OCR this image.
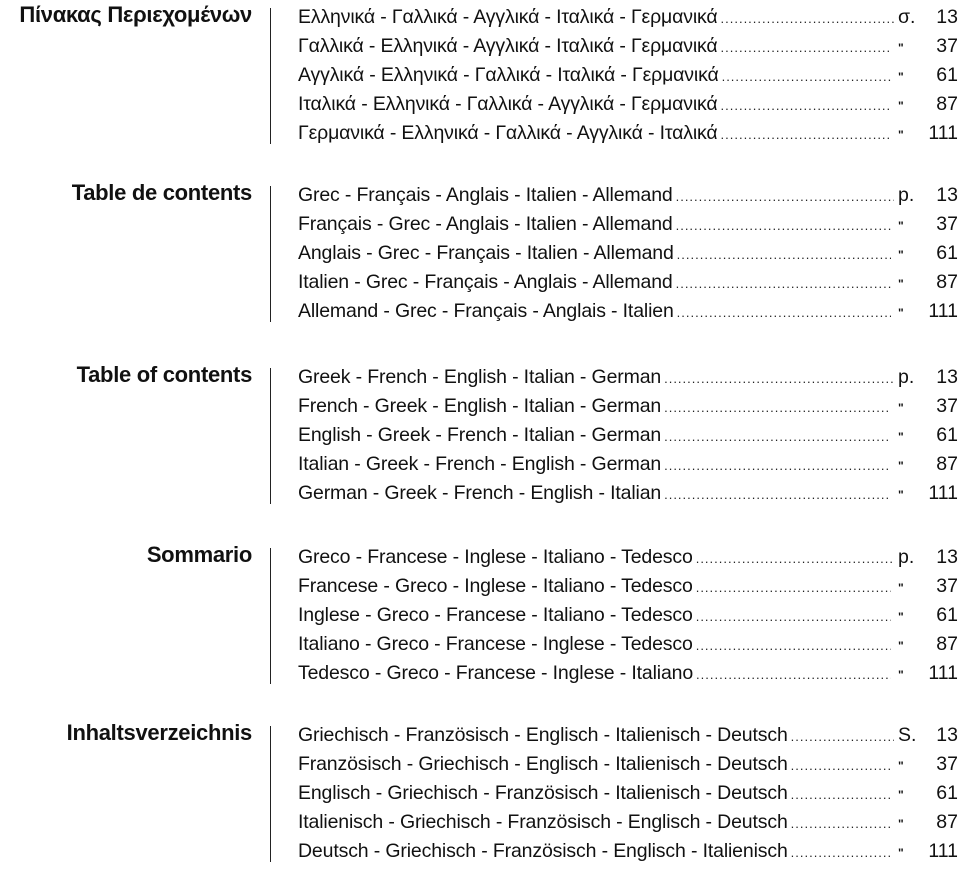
Πίνακας Περιεχομένων Ελληνικά - Γαλλικά - Αγγλικά - Ιταλικά - Γερμανικά .....	σ.	13
Γαλλικά - Ελληνικά - Αγγλικά - Ιταλικά - Γερμανικά .....	"	37
Αγγλικά - Ελληνικά - Γαλλικά - Ιταλικά - Γερμανικά .....	"	61
Ιταλικά - Ελληνικά - Γαλλικά - Αγγλικά - Γερμανικά .....	"	87
Γερμανικά - Ελληνικά - Γαλλικά - Αγγλικά - Ιταλικά .....	"	111
Table de contents Grec - Français - Anglais - Italien - Allemand .....	p.	13
Français - Grec - Anglais - Italien - Allemand .....	"	37
Anglais - Grec - Français - Italien - Allemand .....	"	61
Italien - Grec - Français - Anglais - Allemand .....	"	87
Allemand - Grec - Français - Anglais - Italien .....	"	111
Table of contents Greek - French - English - Italian - German .....	p.	13
French - Greek - English - Italian - German .....	"	37
English - Greek - French - Italian - German .....	"	61
Italian - Greek - French - English - German .....	"	87
German - Greek - French - English - Italian .....	"	111
Sommario Greco - Francese - Inglese - Italiano - Tedesco .....	p.	13
Francese - Greco - Inglese - Italiano - Tedesco .....	"	37
Inglese - Greco - Francese - Italiano - Tedesco .....	"	61
Italiano - Greco - Francese - Inglese - Tedesco .....	"	87
Tedesco - Greco - Francese - Inglese - Italiano .....	"	111
Inhaltsverzeichnis Griechisch - Französisch - Englisch - Italienisch - Deutsch .....	S.	13
Französisch - Griechisch - Englisch - Italienisch - Deutsch .....	"	37
Englisch - Griechisch - Französisch - Italienisch - Deutsch .....	"	61
Italienisch - Griechisch - Französisch - Englisch - Deutsch .....	"	87
Deutsch - Griechisch - Französisch - Englisch - Italienisch .....	"	111
